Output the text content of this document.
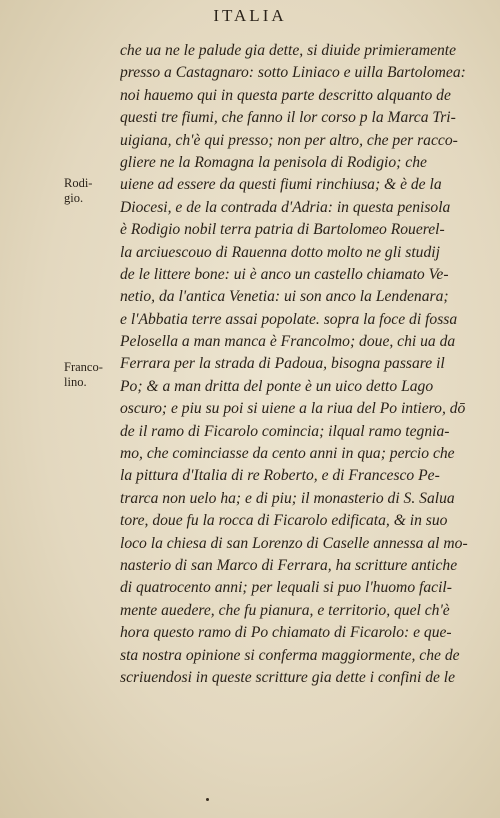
ITALIA
Rodi-
gio.
Franco-
lino.
che ua ne le palude gia dette, si diuide primieramente
presso a Castagnaro: sotto Liniaco e uilla Bartolomea:
noi hauemo qui in questa parte descritto alquanto de
questi tre fiumi, che fanno il lor corso p la Marca Tri-
uigiana, ch'è qui presso; non per altro, che per racco-
gliere ne la Romagna la penisola di Rodigio; che
uiene ad essere da questi fiumi rinchiusa; & è de la
Diocesi, e de la contrada d'Adria: in questa penisola
è Rodigio nobil terra patria di Bartolomeo Rouerel-
la arciuescouo di Rauenna dotto molto ne gli studij
de le littere bone: ui è anco un castello chiamato Ve-
netio, da l'antica Venetia: ui son anco la Lendenara;
e l'Abbatia terre assai popolate. sopra la foce di fossa
Pelosella a man manca è Francolmo; doue, chi ua da
Ferrara per la strada di Padoua, bisogna passare il
Po; & a man dritta del ponte è un uico detto Lago
oscuro; e piu su poi si uiene a la riua del Po intiero, dō
de il ramo di Ficarolo comincia; ilqual ramo tegnia-
mo, che cominciasse da cento anni in qua; percio che
la pittura d'Italia di re Roberto, e di Francesco Pe-
trarca non uelo ha; e di piu; il monasterio di S. Salua
tore, doue fu la rocca di Ficarolo edificata, & in suo
loco la chiesa di san Lorenzo di Caselle annessa al mo-
nasterio di san Marco di Ferrara, ha scritture antiche
di quatrocento anni; per lequali si puo l'huomo facil-
mente auedere, che fu pianura, e territorio, quel ch'è
hora questo ramo di Po chiamato di Ficarolo: e que-
sta nostra opinione si conferma maggiormente, che de
scriuendosi in queste scritture gia dette i confini de le
